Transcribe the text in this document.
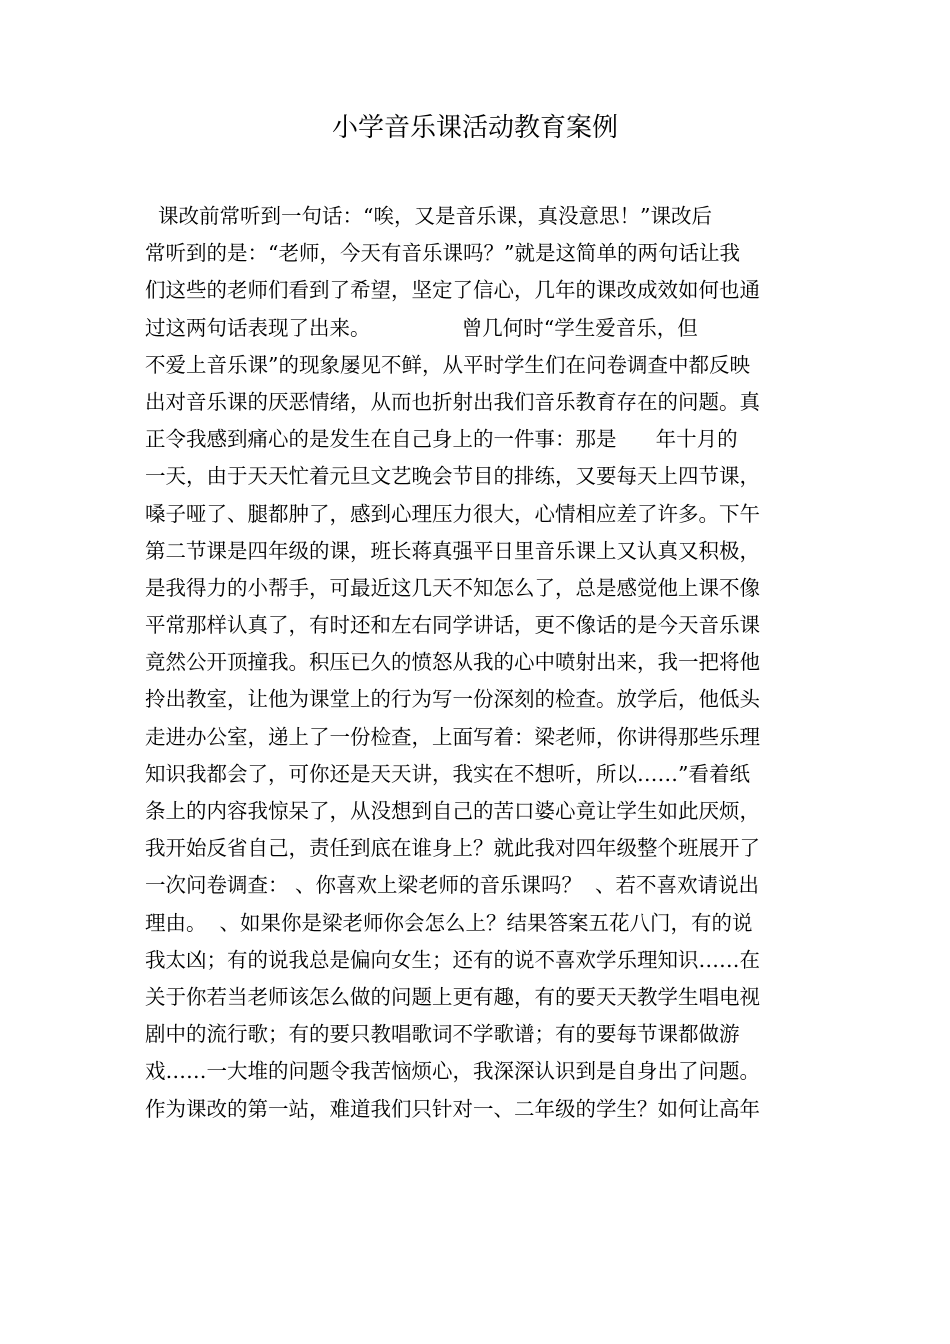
小学音乐课活动教育案例
课改前常听到一句话：“唉，又是音乐课，真没意思！”课改后
常听到的是：“老师，今天有音乐课吗？”就是这简单的两句话让我
们这些的老师们看到了希望，坚定了信心，几年的课改成效如何也通
过这两句话表现了出来。              曾几何时“学生爱音乐，但
不爱上音乐课”的现象屡见不鲜，从平时学生们在问卷调查中都反映
出对音乐课的厌恶情绪，从而也折射出我们音乐教育存在的问题。真
正令我感到痛心的是发生在自己身上的一件事：那是      年十月的
一天，由于天天忙着元旦文艺晚会节目的排练，又要每天上四节课，
嗓子哑了、腿都肿了，感到心理压力很大，心情相应差了许多。下午
第二节课是四年级的课，班长蒋真强平日里音乐课上又认真又积极，
是我得力的小帮手，可最近这几天不知怎么了，总是感觉他上课不像
平常那样认真了，有时还和左右同学讲话，更不像话的是今天音乐课
竟然公开顶撞我。积压已久的愤怒从我的心中喷射出来，我一把将他
拎出教室，让他为课堂上的行为写一份深刻的检查。放学后，他低头
走进办公室，递上了一份检查，上面写着：梁老师，你讲得那些乐理
知识我都会了，可你还是天天讲，我实在不想听，所以……”看着纸
条上的内容我惊呆了，从没想到自己的苦口婆心竟让学生如此厌烦，
我开始反省自己，责任到底在谁身上？就此我对四年级整个班展开了
一次问卷调查： 、你喜欢上梁老师的音乐课吗？  、若不喜欢请说出
理由。  、如果你是梁老师你会怎么上？结果答案五花八门，有的说
我太凶；有的说我总是偏向女生；还有的说不喜欢学乐理知识……在
关于你若当老师该怎么做的问题上更有趣，有的要天天教学生唱电视
剧中的流行歌；有的要只教唱歌词不学歌谱；有的要每节课都做游
戏……一大堆的问题令我苦恼烦心，我深深认识到是自身出了问题。
作为课改的第一站，难道我们只针对一、二年级的学生？如何让高年
